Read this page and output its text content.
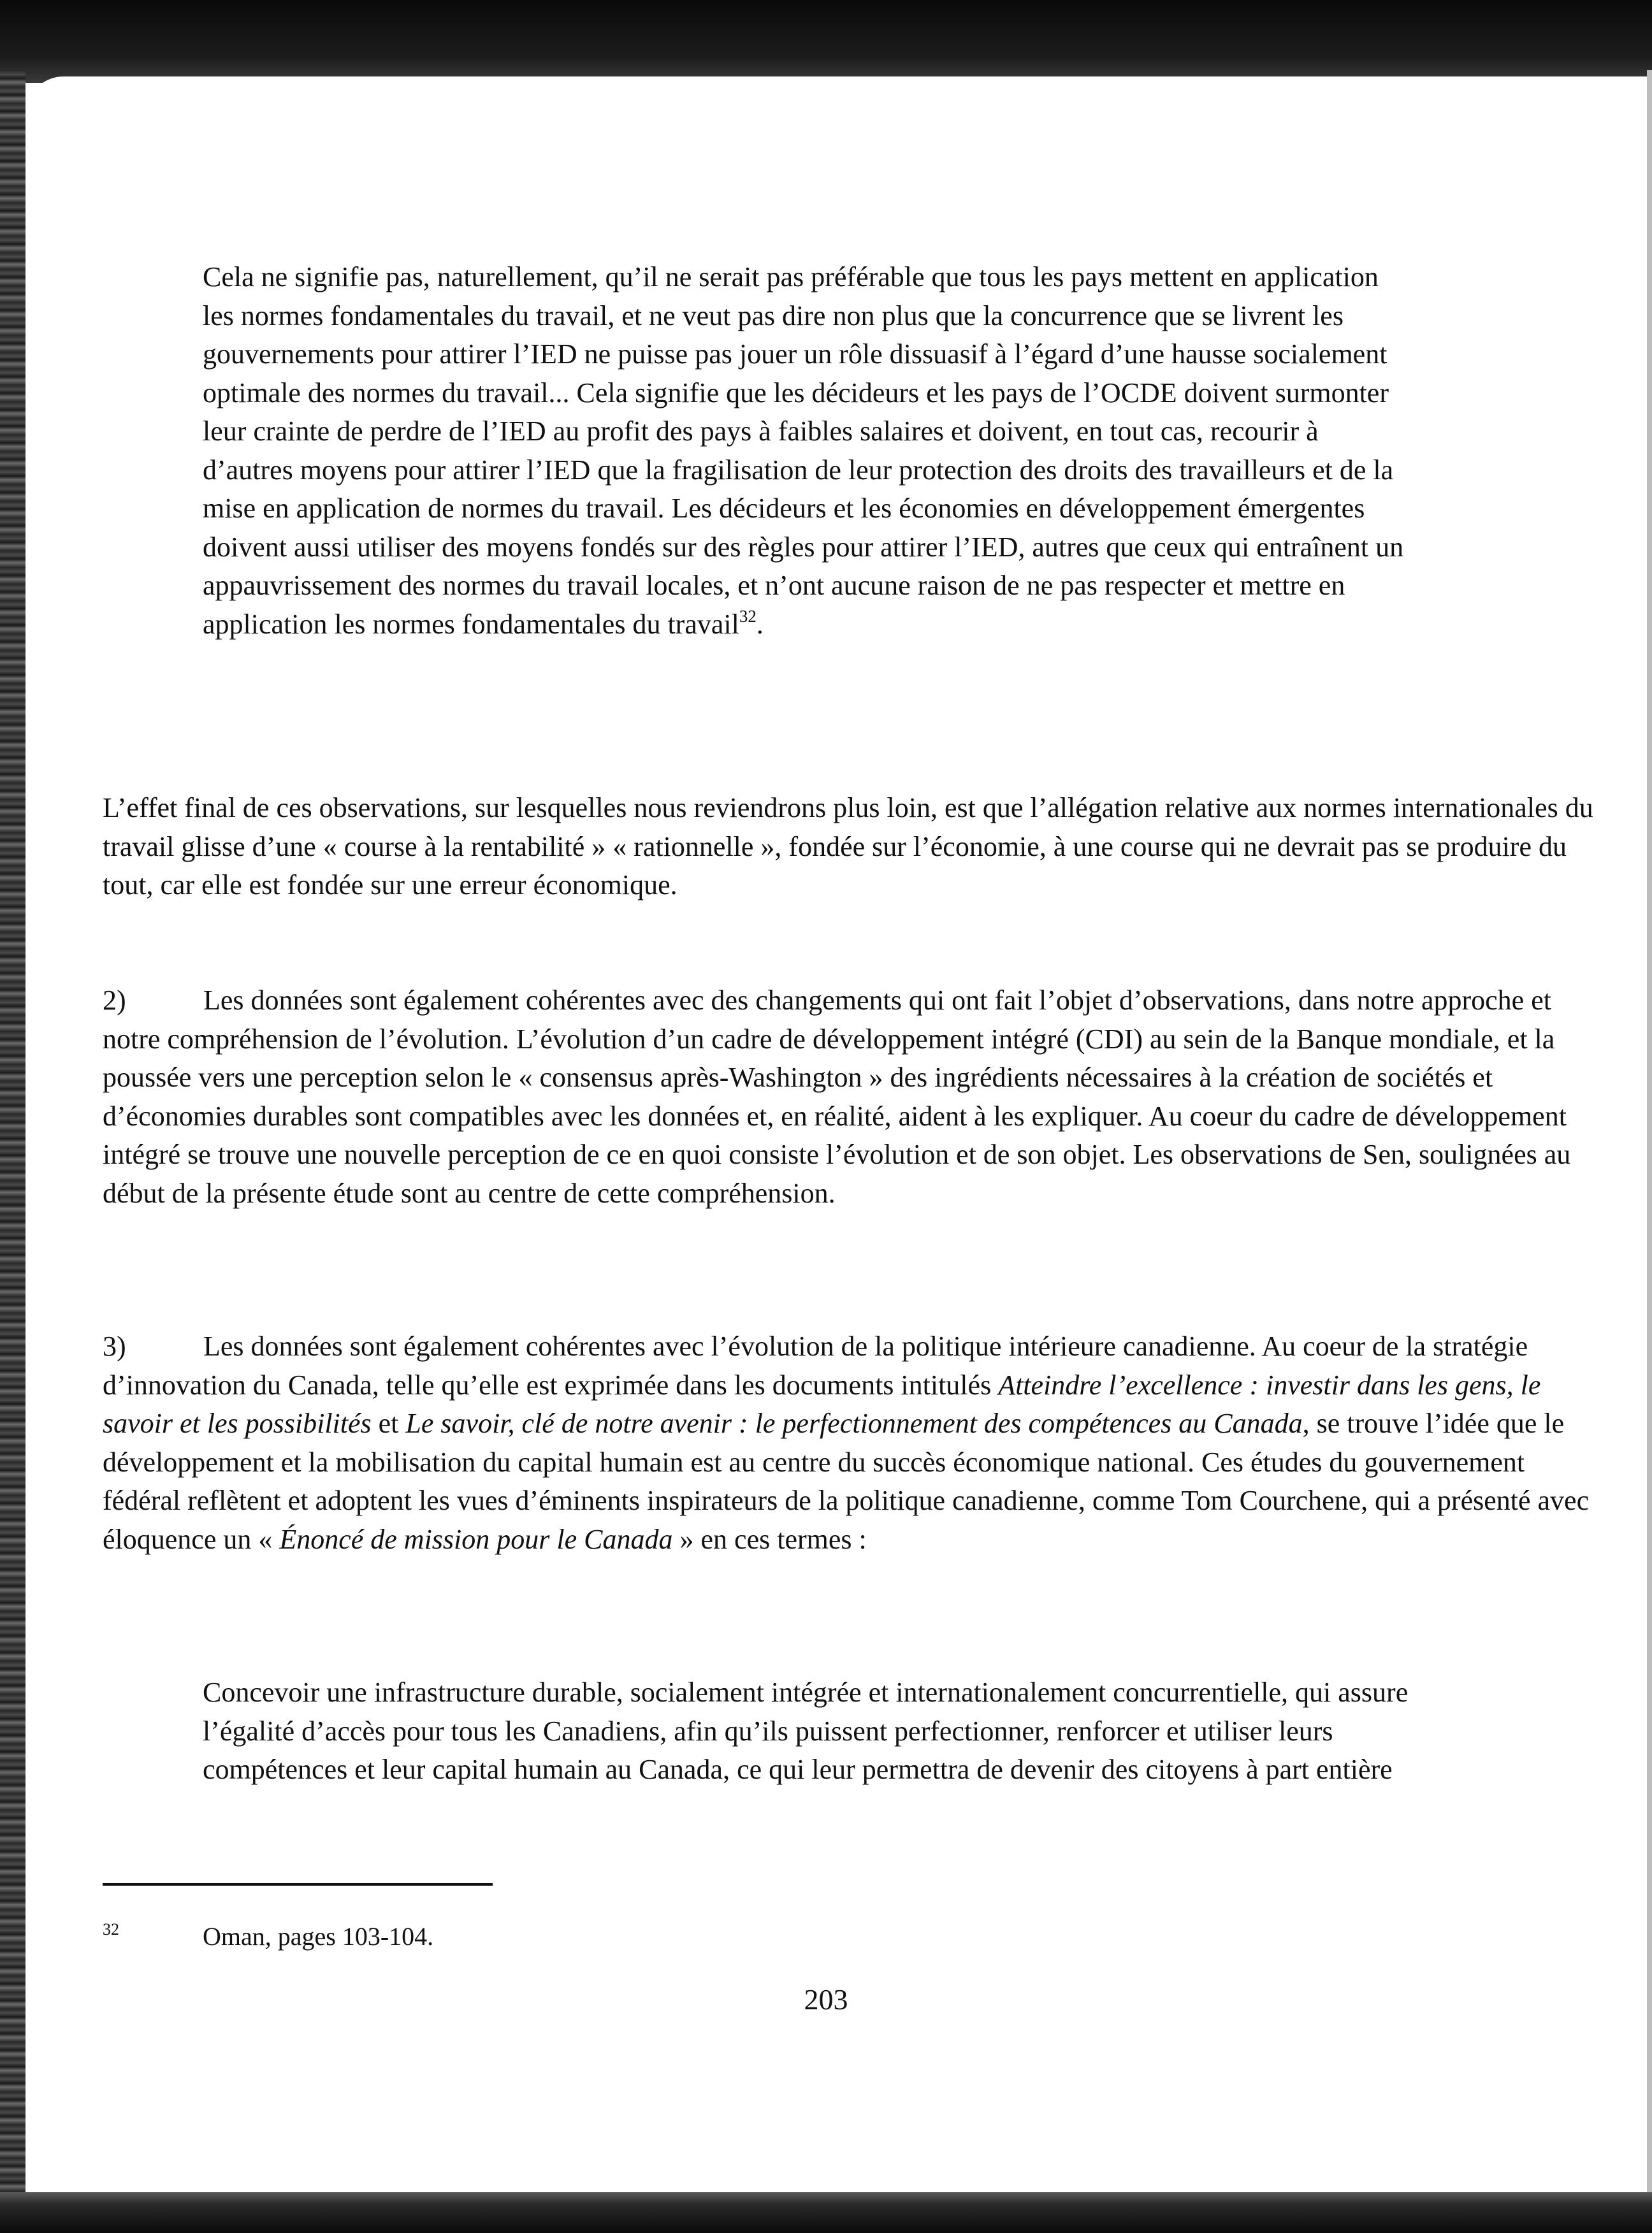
Cela ne signifie pas, naturellement, qu’il ne serait pas préférable que tous les pays mettent en application les normes fondamentales du travail, et ne veut pas dire non plus que la concurrence que se livrent les gouvernements pour attirer l’IED ne puisse pas jouer un rôle dissuasif à l’égard d’une hausse socialement optimale des normes du travail... Cela signifie que les décideurs et les pays de l’OCDE doivent surmonter leur crainte de perdre de l’IED au profit des pays à faibles salaires et doivent, en tout cas, recourir à d’autres moyens pour attirer l’IED que la fragilisation de leur protection des droits des travailleurs et de la mise en application de normes du travail. Les décideurs et les économies en développement émergentes doivent aussi utiliser des moyens fondés sur des règles pour attirer l’IED, autres que ceux qui entraînent un appauvrissement des normes du travail locales, et n’ont aucune raison de ne pas respecter et mettre en application les normes fondamentales du travail$^{32}$.

L’effet final de ces observations, sur lesquelles nous reviendrons plus loin, est que l’allégation relative aux normes internationales du travail glisse d’une « course à la rentabilité » « rationnelle », fondée sur l’économie, à une course qui ne devrait pas se produire du tout, car elle est fondée sur une erreur économique.

2)	Les données sont également cohérentes avec des changements qui ont fait l’objet d’observations, dans notre approche et notre compréhension de l’évolution. L’évolution d’un cadre de développement intégré (CDI) au sein de la Banque mondiale, et la poussée vers une perception selon le « consensus après-Washington » des ingrédients nécessaires à la création de sociétés et d’économies durables sont compatibles avec les données et, en réalité, aident à les expliquer. Au coeur du cadre de développement intégré se trouve une nouvelle perception de ce en quoi consiste l’évolution et de son objet. Les observations de Sen, soulignées au début de la présente étude sont au centre de cette compréhension.

3)	Les données sont également cohérentes avec l’évolution de la politique intérieure canadienne. Au coeur de la stratégie d’innovation du Canada, telle qu’elle est exprimée dans les documents intitulés Atteindre l’excellence : investir dans les gens, le savoir et les possibilités et Le savoir, clé de notre avenir : le perfectionnement des compétences au Canada, se trouve l’idée que le développement et la mobilisation du capital humain est au centre du succès économique national. Ces études du gouvernement fédéral reflètent et adoptent les vues d’éminents inspirateurs de la politique canadienne, comme Tom Courchene, qui a présenté avec éloquence un « Énoncé de mission pour le Canada » en ces termes :

Concevoir une infrastructure durable, socialement intégrée et internationalement concurrentielle, qui assure l’égalité d’accès pour tous les Canadiens, afin qu’ils puissent perfectionner, renforcer et utiliser leurs compétences et leur capital humain au Canada, ce qui leur permettra de devenir des citoyens à part entière

32	Oman, pages 103-104.
203
